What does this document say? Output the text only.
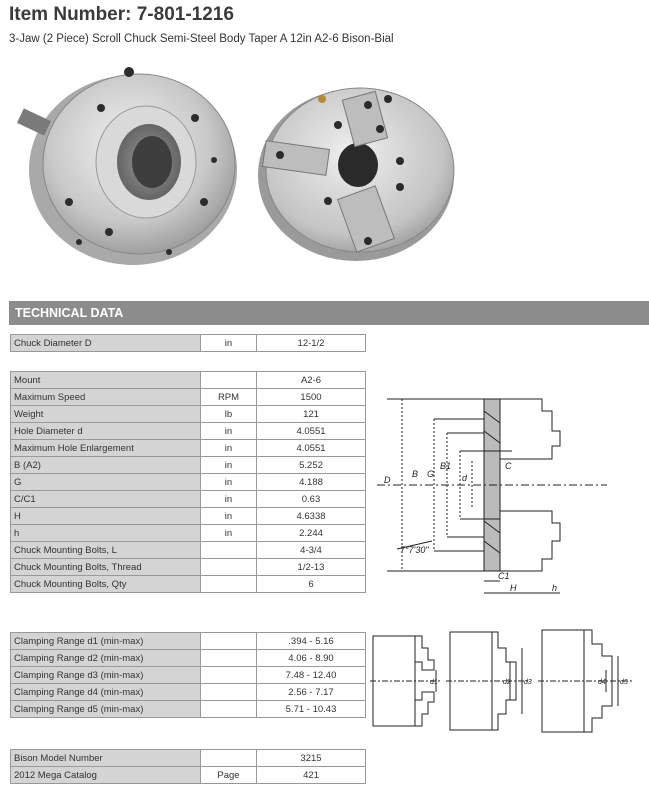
Item Number: 7-801-1216
3-Jaw (2 Piece) Scroll Chuck Semi-Steel Body Taper A 12in A2-6 Bison-Bial
TECHNICAL DATA
Chuck Diameter D	in	12-1/2
Mount		A2-6
Maximum Speed	RPM	1500
Weight	lb	121
Hole Diameter d	in	4.0551
Maximum Hole Enlargement	in	4.0551
B (A2)	in	5.252
G	in	4.188
C/C1	in	0.63
H	in	4.6338
h	in	2.244
Chuck Mounting Bolts, L		4-3/4
Chuck Mounting Bolts, Thread		1/2-13
Chuck Mounting Bolts, Qty		6
Clamping Range d1 (min-max)		.394 - 5.16
Clamping Range d2 (min-max)		4.06 - 8.90
Clamping Range d3 (min-max)		7.48 - 12.40
Clamping Range d4 (min-max)		2.56 - 7.17
Clamping Range d5 (min-max)		5.71 - 10.43
Bison Model Number		3215
2012 Mega Catalog	Page	421
D
B G
B1
d
C
C1
H	h
7°7'30"
d1	d2 d3	d4 d5
